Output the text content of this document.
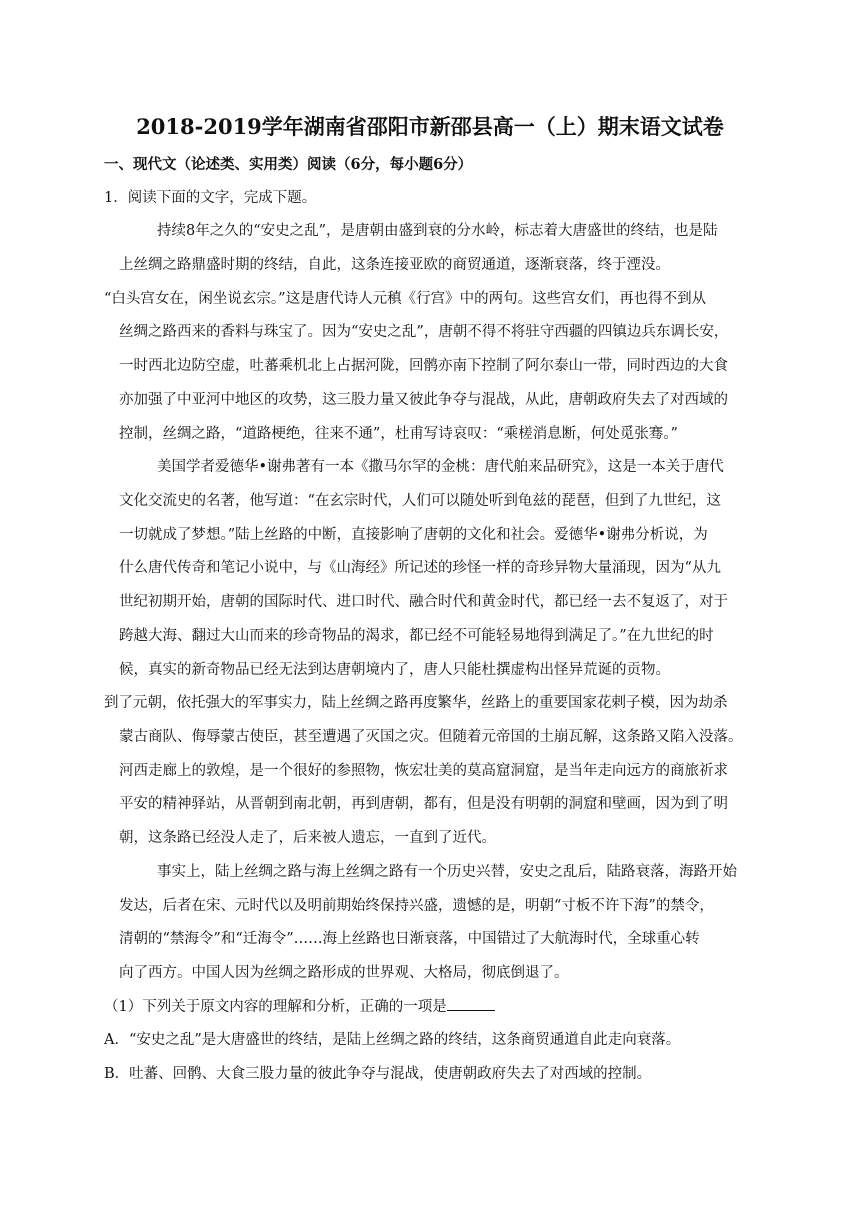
2018-2019学年湖南省邵阳市新邵县高一（上）期末语文试卷
一、现代文（论述类、实用类）阅读（6分，每小题6分）
1．阅读下面的文字，完成下题。
持续8年之久的“安史之乱”，是唐朝由盛到衰的分水岭，标志着大唐盛世的终结，也是陆
上丝绸之路鼎盛时期的终结，自此，这条连接亚欧的商贸通道，逐渐衰落，终于湮没。
“白头宫女在，闲坐说玄宗。”这是唐代诗人元稹《行宫》中的两句。这些宫女们，再也得不到从
丝绸之路西来的香料与珠宝了。因为“安史之乱”，唐朝不得不将驻守西疆的四镇边兵东调长安，
一时西北边防空虚，吐蕃乘机北上占据河陇，回鹘亦南下控制了阿尔泰山一带，同时西边的大食
亦加强了中亚河中地区的攻势，这三股力量又彼此争夺与混战，从此，唐朝政府失去了对西域的
控制，丝绸之路，“道路梗绝，往来不通”，杜甫写诗哀叹：“乘槎消息断，何处觅张骞。”
美国学者爱德华•谢弗著有一本《撒马尔罕的金桃：唐代舶来品研究》，这是一本关于唐代
文化交流史的名著，他写道：“在玄宗时代，人们可以随处听到龟兹的琵琶，但到了九世纪，这
一切就成了梦想。”陆上丝路的中断，直接影响了唐朝的文化和社会。爱德华•谢弗分析说，为
什么唐代传奇和笔记小说中，与《山海经》所记述的珍怪一样的奇珍异物大量涌现，因为“从九
世纪初期开始，唐朝的国际时代、进口时代、融合时代和黄金时代，都已经一去不复返了，对于
跨越大海、翻过大山而来的珍奇物品的渴求，都已经不可能轻易地得到满足了。”在九世纪的时
候，真实的新奇物品已经无法到达唐朝境内了，唐人只能杜撰虚构出怪异荒诞的贡物。
到了元朝，依托强大的军事实力，陆上丝绸之路再度繁华，丝路上的重要国家花剌子模，因为劫杀
蒙古商队、侮辱蒙古使臣，甚至遭遇了灭国之灾。但随着元帝国的土崩瓦解，这条路又陷入没落。
河西走廊上的敦煌，是一个很好的参照物，恢宏壮美的莫高窟洞窟，是当年走向远方的商旅祈求
平安的精神驿站，从晋朝到南北朝，再到唐朝，都有，但是没有明朝的洞窟和壁画，因为到了明
朝，这条路已经没人走了，后来被人遗忘，一直到了近代。
事实上，陆上丝绸之路与海上丝绸之路有一个历史兴替，安史之乱后，陆路衰落，海路开始
发达，后者在宋、元时代以及明前期始终保持兴盛，遗憾的是，明朝“寸板不许下海”的禁令，
清朝的“禁海令”和“迁海令”……海上丝路也日渐衰落，中国错过了大航海时代，全球重心转
向了西方。中国人因为丝绸之路形成的世界观、大格局，彻底倒退了。
（1）下列关于原文内容的理解和分析，正确的一项是
A．“安史之乱”是大唐盛世的终结，是陆上丝绸之路的终结，这条商贸通道自此走向衰落。
B．吐蕃、回鹘、大食三股力量的彼此争夺与混战，使唐朝政府失去了对西域的控制。
